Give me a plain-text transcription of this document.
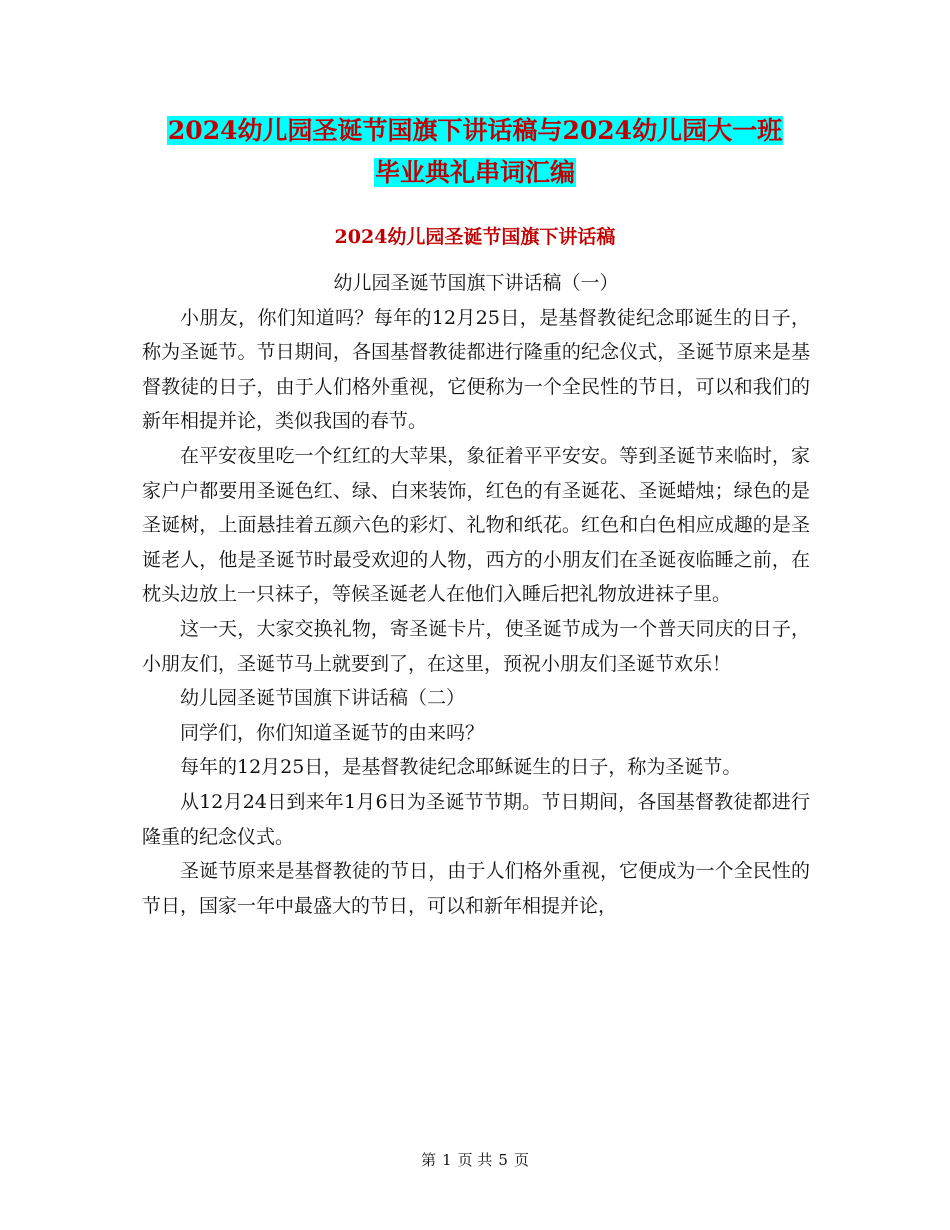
2024幼儿园圣诞节国旗下讲话稿与2024幼儿园大一班
毕业典礼串词汇编
2024幼儿园圣诞节国旗下讲话稿

幼儿园圣诞节国旗下讲话稿（一）

小朋友，你们知道吗？每年的12月25日，是基督教徒纪念耶诞生的日子，称为圣诞节。节日期间，各国基督教徒都进行隆重的纪念仪式，圣诞节原来是基督教徒的日子，由于人们格外重视，它便称为一个全民性的节日，可以和我们的新年相提并论，类似我国的春节。

在平安夜里吃一个红红的大苹果，象征着平平安安。等到圣诞节来临时，家家户户都要用圣诞色红、绿、白来装饰，红色的有圣诞花、圣诞蜡烛；绿色的是圣诞树，上面悬挂着五颜六色的彩灯、礼物和纸花。红色和白色相应成趣的是圣诞老人，他是圣诞节时最受欢迎的人物，西方的小朋友们在圣诞夜临睡之前，在枕头边放上一只袜子，等候圣诞老人在他们入睡后把礼物放进袜子里。

这一天，大家交换礼物，寄圣诞卡片，使圣诞节成为一个普天同庆的日子，小朋友们，圣诞节马上就要到了，在这里，预祝小朋友们圣诞节欢乐！

幼儿园圣诞节国旗下讲话稿（二）

同学们，你们知道圣诞节的由来吗？

每年的12月25日，是基督教徒纪念耶稣诞生的日子，称为圣诞节。

从12月24日到来年1月6日为圣诞节节期。节日期间，各国基督教徒都进行隆重的纪念仪式。

圣诞节原来是基督教徒的节日，由于人们格外重视，它便成为一个全民性的节日，国家一年中最盛大的节日，可以和新年相提并论，

第 1 页 共 5 页
